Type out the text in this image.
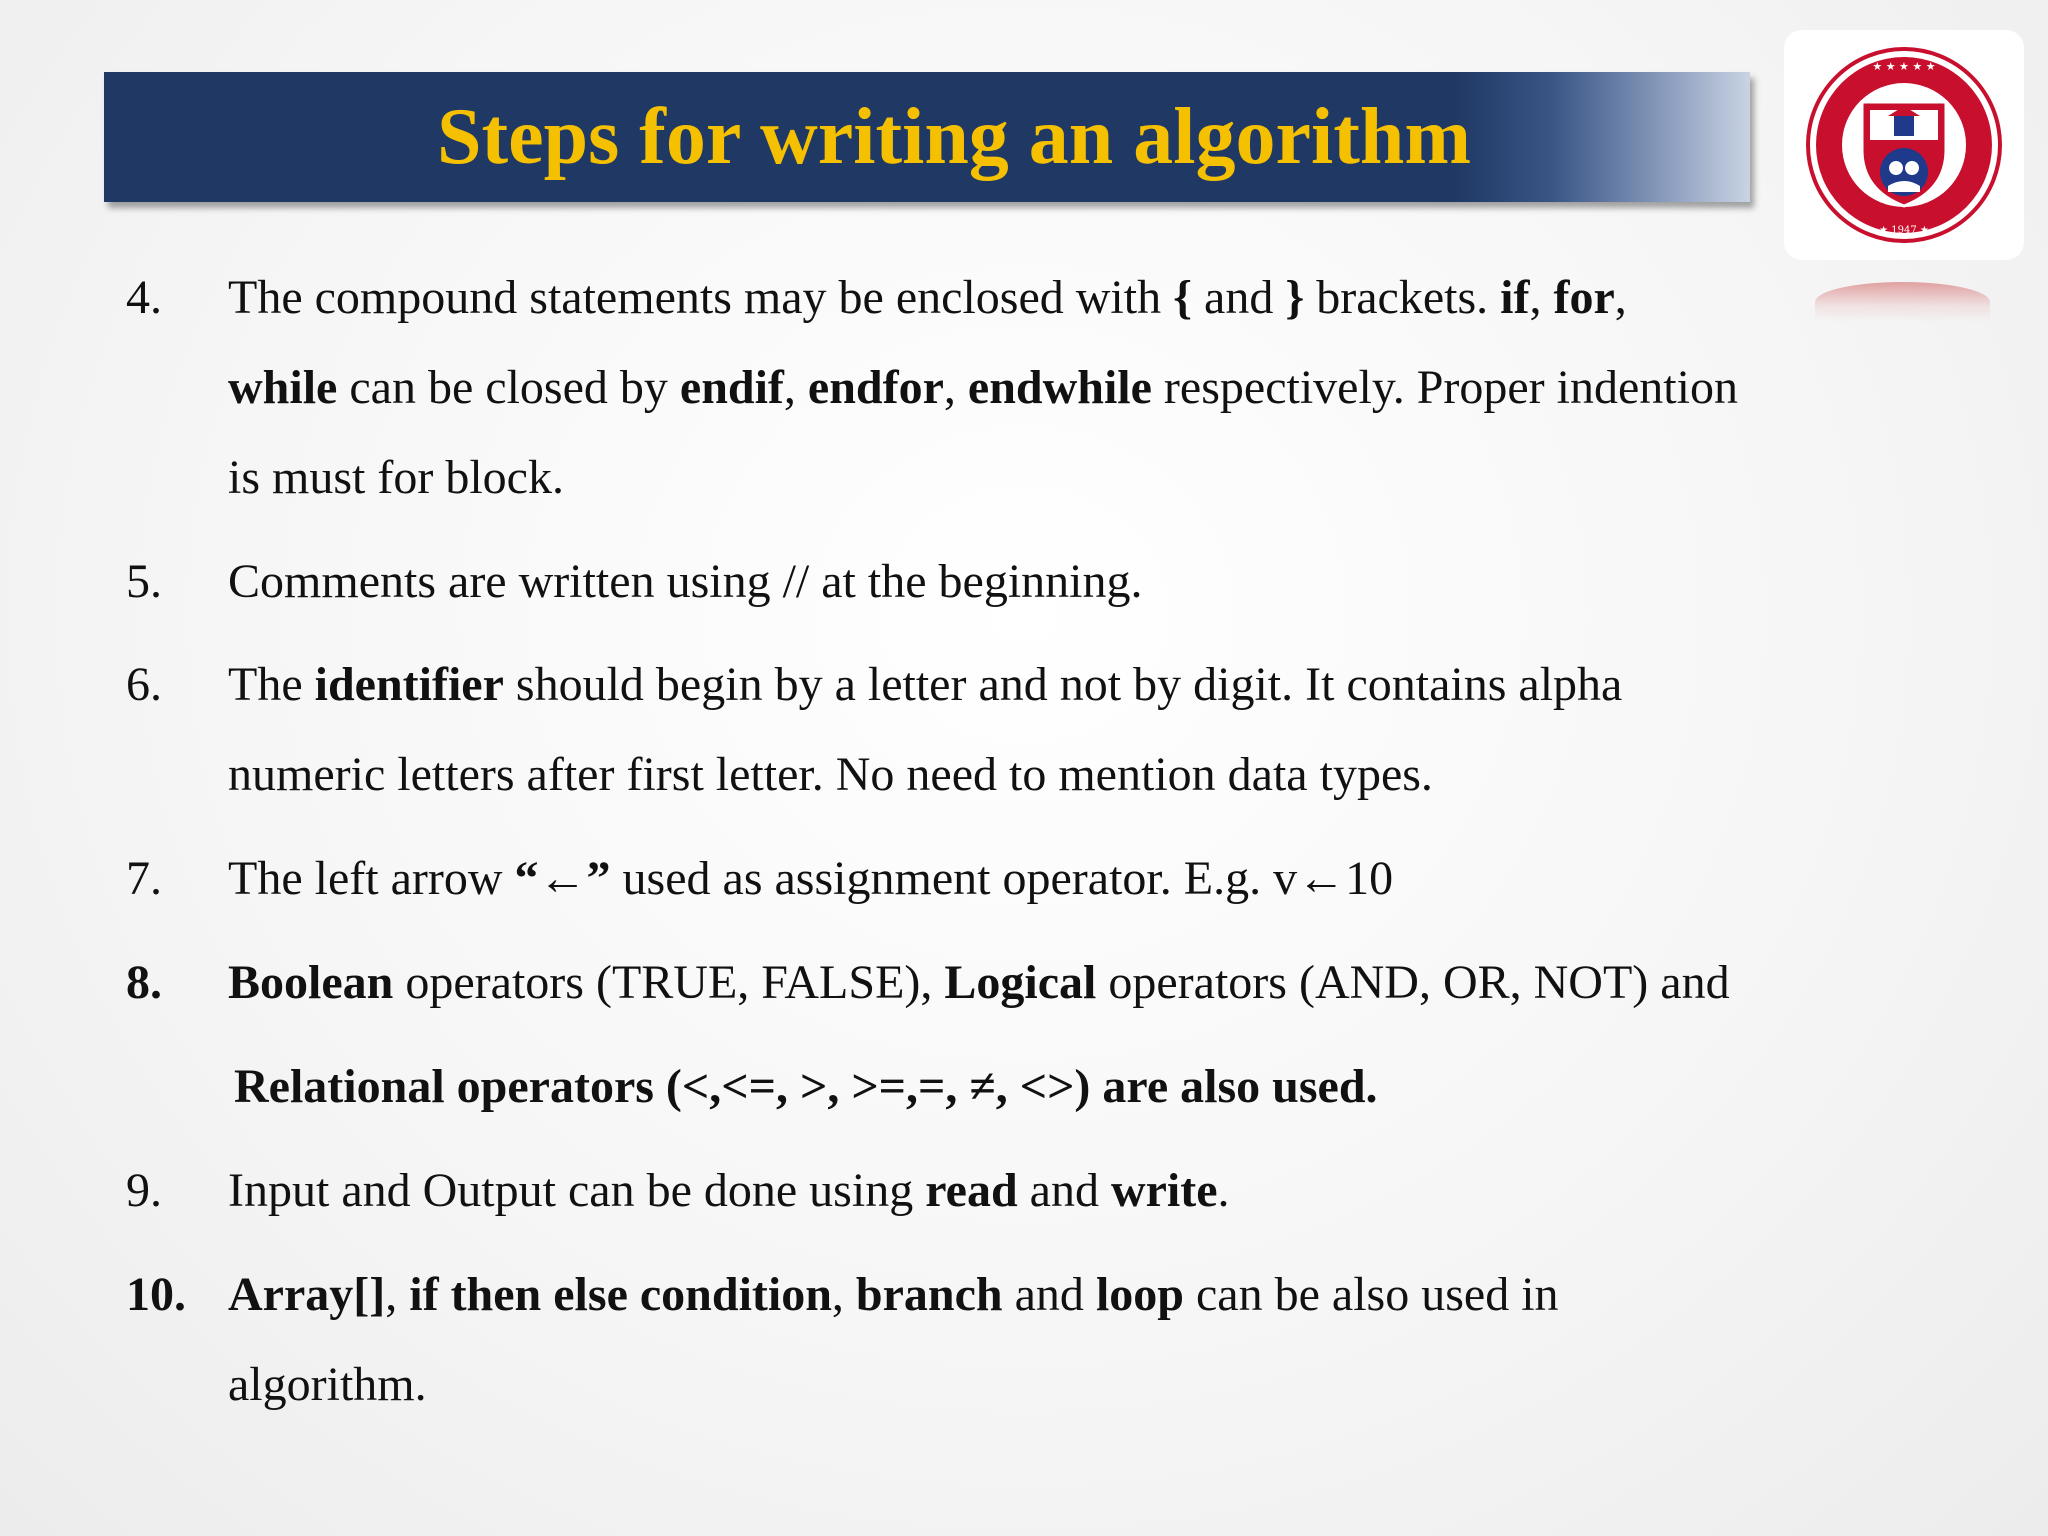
Steps for writing an algorithm
★ ★ ★ ★ ★
★ 1947 ★
4.	The compound statements may be enclosed with { and } brackets. if, for,
while can be closed by endif, endfor, endwhile respectively. Proper indention
is must for block.
5.	Comments are written using // at the beginning.
6.	The identifier should begin by a letter and not by digit. It contains alpha
numeric letters after first letter. No need to mention data types.
7.	The left arrow “←” used as assignment operator. E.g. v←10
8.	Boolean operators (TRUE, FALSE), Logical operators (AND, OR, NOT) and
Relational operators (<,<=, >, >=,=, ≠, <>) are also used.
9.	Input and Output can be done using read and write.
10. Array[], if then else condition, branch and loop can be also used in
algorithm.
